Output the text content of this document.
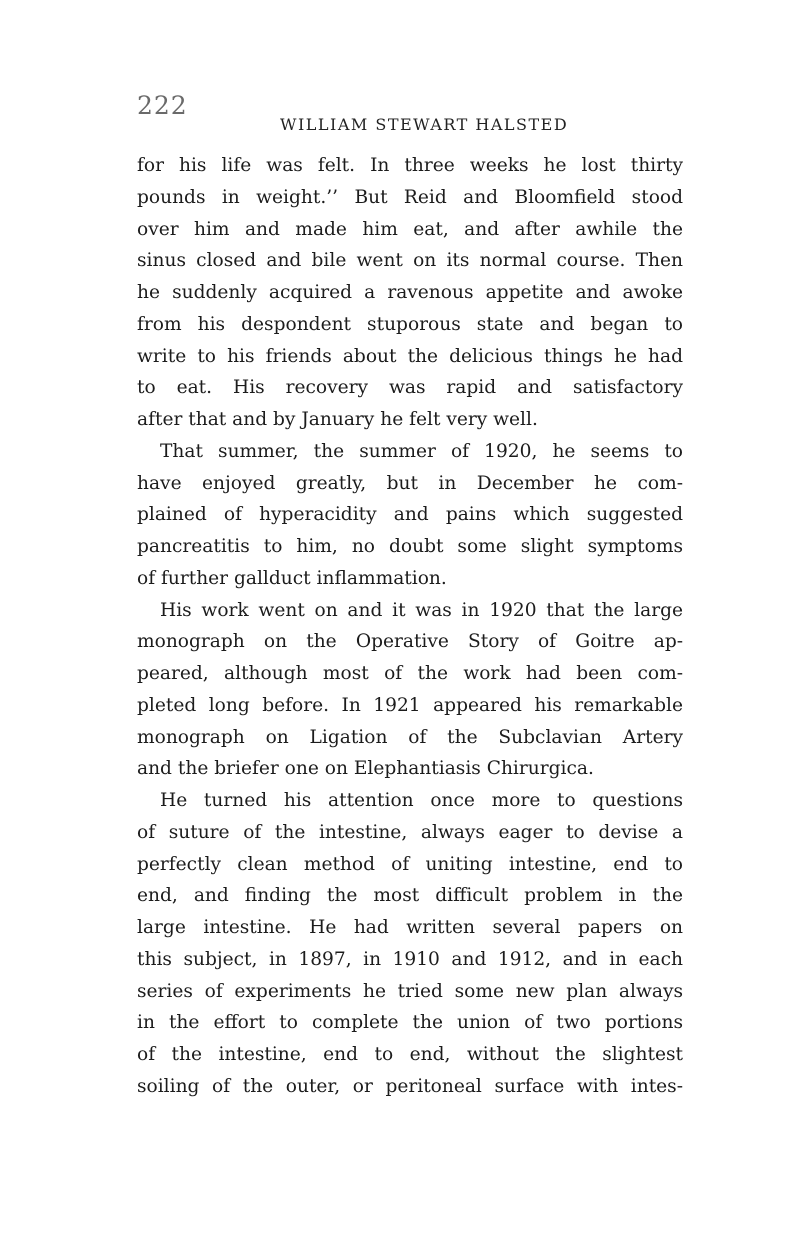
222
WILLIAM STEWART HALSTED
for his life was felt. In three weeks he lost thirty
pounds in weight.’’ But Reid and Bloomfield stood
over him and made him eat, and after awhile the
sinus closed and bile went on its normal course. Then
he suddenly acquired a ravenous appetite and awoke
from his despondent stuporous state and began to
write to his friends about the delicious things he had
to eat. His recovery was rapid and satisfactory
after that and by January he felt very well.
That summer, the summer of 1920, he seems to
have enjoyed greatly, but in December he com-
plained of hyperacidity and pains which suggested
pancreatitis to him, no doubt some slight symptoms
of further gallduct inflammation.
His work went on and it was in 1920 that the large
monograph on the Operative Story of Goitre ap-
peared, although most of the work had been com-
pleted long before. In 1921 appeared his remarkable
monograph on Ligation of the Subclavian Artery
and the briefer one on Elephantiasis Chirurgica.
He turned his attention once more to questions
of suture of the intestine, always eager to devise a
perfectly clean method of uniting intestine, end to
end, and finding the most difficult problem in the
large intestine. He had written several papers on
this subject, in 1897, in 1910 and 1912, and in each
series of experiments he tried some new plan always
in the effort to complete the union of two portions
of the intestine, end to end, without the slightest
soiling of the outer, or peritoneal surface with intes-
